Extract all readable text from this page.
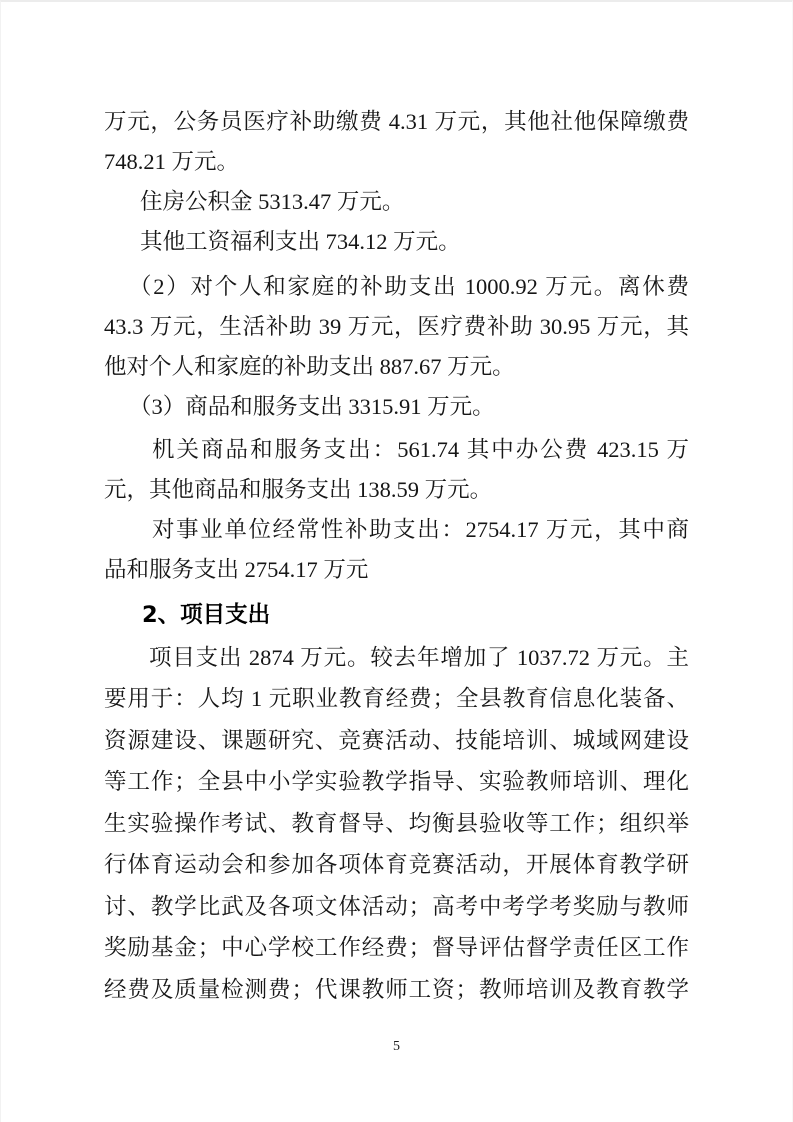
万元，公务员医疗补助缴费 4.31 万元，其他社他保障缴费
748.21 万元。
住房公积金 5313.47 万元。
其他工资福利支出 734.12 万元。
（2）对个人和家庭的补助支出 1000.92 万元。离休费
43.3 万元，生活补助 39 万元，医疗费补助 30.95 万元，其
他对个人和家庭的补助支出 887.67 万元。
（3）商品和服务支出 3315.91 万元。
机关商品和服务支出：561.74 其中办公费 423.15 万
元，其他商品和服务支出 138.59 万元。
对事业单位经常性补助支出：2754.17 万元，其中商
品和服务支出 2754.17 万元
2、项目支出
项目支出 2874 万元。较去年增加了 1037.72 万元。主
要用于：人均 1 元职业教育经费；全县教育信息化装备、
资源建设、课题研究、竞赛活动、技能培训、城域网建设
等工作；全县中小学实验教学指导、实验教师培训、理化
生实验操作考试、教育督导、均衡县验收等工作；组织举
行体育运动会和参加各项体育竞赛活动，开展体育教学研
讨、教学比武及各项文体活动；高考中考学考奖励与教师
奖励基金；中心学校工作经费；督导评估督学责任区工作
经费及质量检测费；代课教师工资；教师培训及教育教学
5
